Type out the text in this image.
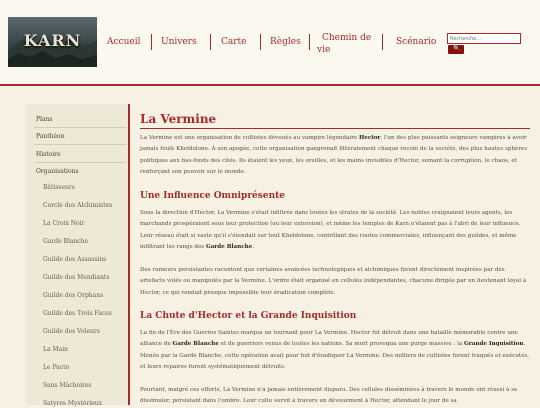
KARN	Accueil Univers	Carte	Règles Chemin de
vie
Scénario
Recherche...
🔍
Plans
Panthéon
Histoire
Organisations
Bâtisseurs
Cercle des Alchimistes
La Croix Noir
Garde Blanche
Guilde des Assassins
Guilde des Mendiants
Guilde des Orphans
Guilde des Trois Faces
Guilde des Voleurs
La Main
Le Pacte
Sans Mâchoires
Satyres Mystérieux
La Vermine
La Vermine est une organisation de cultistes dévoués au vampire légendaire Hector, l'un des plus puissants seigneurs vampires à avoir jamais foulé Kheldolone. À son apogée, cette organisation gangrenait littéralement chaque recoin de la société, des plus hautes sphères politiques aux bas-fonds des cités. Ils étaient les yeux, les oreilles, et les mains invisibles d'Hector, semant la corruption, le chaos, et renforçant son pouvoir sur le monde.
Une Influence Omniprésente
Sous la direction d'Hector, La Vermine s'était infiltrée dans toutes les strates de la société. Les nobles craignaient leurs agents, les marchands prospéraient sous leur protection (ou leur extorsion), et même les temples de Karn n'étaient pas à l'abri de leur influence. Leur réseau était si vaste qu'il s'étendait sur tout Kheldolone, contrôlant des routes commerciales, influençant des guildes, et même infiltrant les rangs des Garde Blanche.
Des rumeurs persistantes racontent que certaines avancées technologiques et alchimiques furent directement inspirées par des artefacts volés ou manipulés par la Vermine. L'ordre était organisé en cellules indépendantes, chacune dirigée par un lieutenant loyal à Hector, ce qui rendait presque impossible leur éradication complète.
La Chute d'Hector et la Grande Inquisition
La fin de l'Ère des Guerres Saintes marqua un tournant pour La Vermine. Hector fut détruit dans une bataille mémorable contre une alliance de Garde Blanche et de guerriers venus de toutes les nations. Sa mort provoqua une purge massive : la Grande Inquisition. Menée par la Garde Blanche, cette opération avait pour but d'éradiquer La Vermine. Des milliers de cultistes furent traqués et exécutés, et leurs repaires furent systématiquement détruits.
Pourtant, malgré ces efforts, La Vermine n'a jamais entièrement disparu. Des cellules disséminées à travers le monde ont réussi à se dissimuler, persistant dans l'ombre. Leur culte survit à travers un dévouement à Hector, attendant le jour de sa
